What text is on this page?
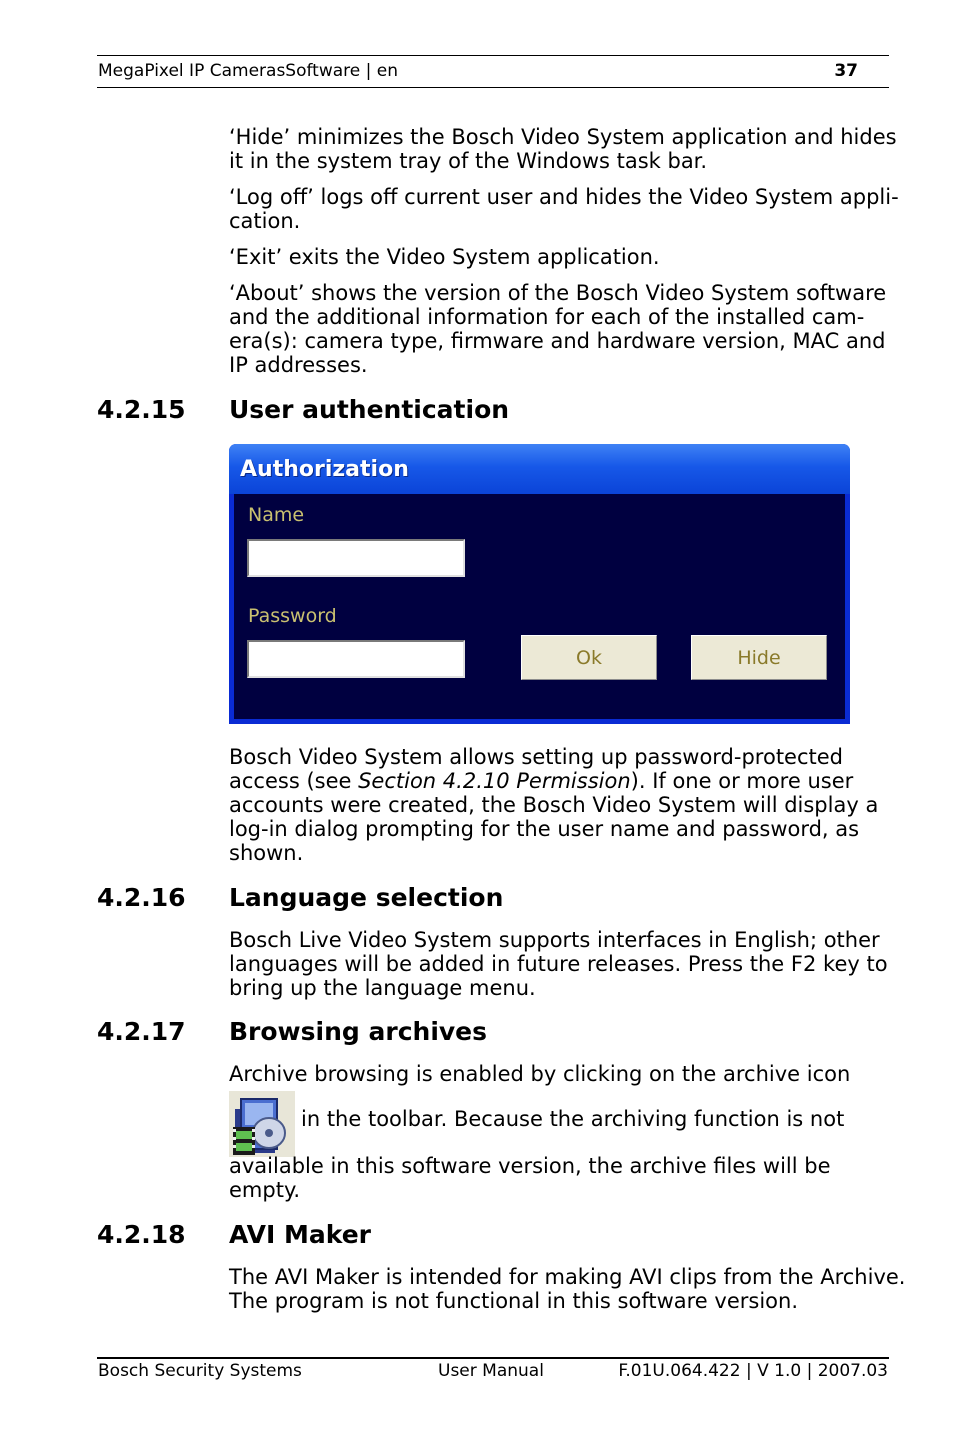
MegaPixel IP CamerasSoftware | en	37
‘Hide’ minimizes the Bosch Video System application and hides
it in the system tray of the Windows task bar.
‘Log off’ logs off current user and hides the Video System appli-
cation.
‘Exit’ exits the Video System application.
‘About’ shows the version of the Bosch Video System software
and the additional information for each of the installed cam-
era(s): camera type, firmware and hardware version, MAC and
IP addresses.
4.2.15 User authentication
Authorization
Name
Password
Ok	Hide
Bosch Video System allows setting up password-protected
access (see Section 4.2.10 Permission). If one or more user
accounts were created, the Bosch Video System will display a
log-in dialog prompting for the user name and password, as
shown.
4.2.16 Language selection
Bosch Live Video System supports interfaces in English; other
languages will be added in future releases. Press the F2 key to
bring up the language menu.
4.2.17 Browsing archives
Archive browsing is enabled by clicking on the archive icon
in the toolbar. Because the archiving function is not
available in this software version, the archive files will be
empty.
4.2.18 AVI Maker
The AVI Maker is intended for making AVI clips from the Archive.
The program is not functional in this software version.
Bosch Security Systems	User Manual	F.01U.064.422 | V 1.0 | 2007.03
